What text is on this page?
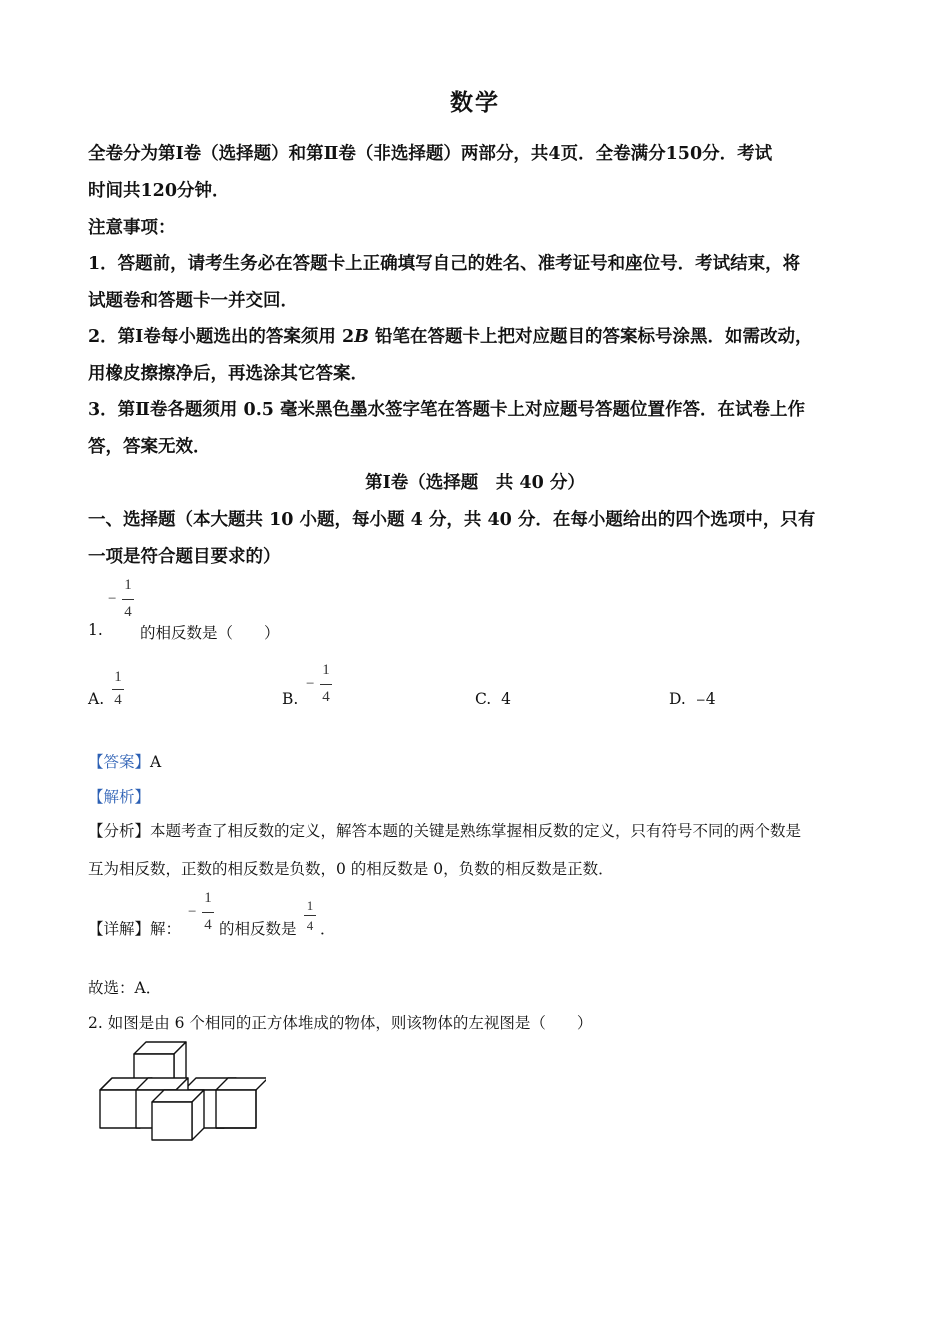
数学
全卷分为第Ⅰ卷（选择题）和第Ⅱ卷（非选择题）两部分，共4页．全卷满分150分．考试
时间共120分钟．
注意事项：
1．答题前，请考生务必在答题卡上正确填写自己的姓名、准考证号和座位号．考试结束，将
试题卷和答题卡一并交回．
2．第Ⅰ卷每小题选出的答案须用 2B 铅笔在答题卡上把对应题目的答案标号涂黑．如需改动，
用橡皮擦擦净后，再选涂其它答案．
3．第Ⅱ卷各题须用 0.5 毫米黑色墨水签字笔在答题卡上对应题号答题位置作答．在试卷上作
答，答案无效．
第Ⅰ卷（选择题　共 40 分）
一、选择题（本大题共 10 小题，每小题 4 分，共 40 分．在每小题给出的四个选项中，只有
一项是符合题目要求的）
−
1
4
1. 的相反数是（　　）
A.
1
4	B.
−
1
4	C. 4	D. −4
【答案】A
【解析】
【分析】本题考查了相反数的定义，解答本题的关键是熟练掌握相反数的定义，只有符号不同的两个数是
互为相反数，正数的相反数是负数，0 的相反数是 0，负数的相反数是正数．
【详解】解：
−
1
4 的相反数是
1
4 ．
故选：A．
2. 如图是由 6 个相同的正方体堆成的物体，则该物体的左视图是（　　）
